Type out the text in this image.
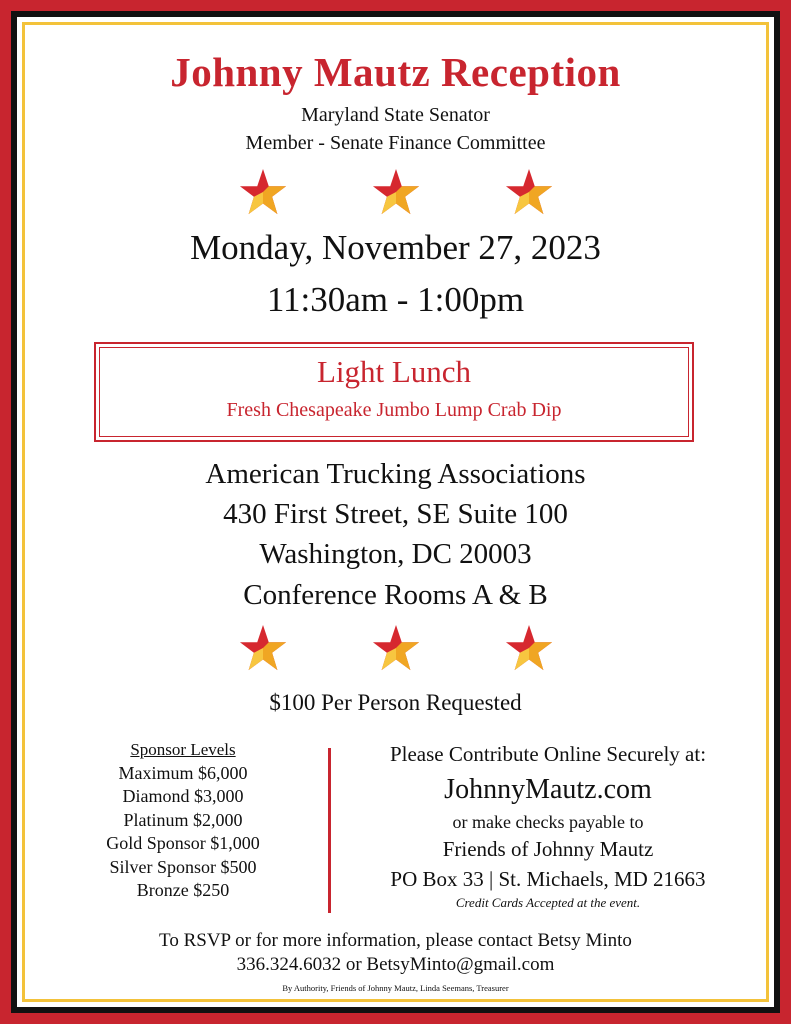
Johnny Mautz Reception
Maryland State Senator
Member - Senate Finance Committee
Monday, November 27, 2023
11:30am - 1:00pm
Light Lunch
Fresh Chesapeake Jumbo Lump Crab Dip
American Trucking Associations
430 First Street, SE Suite 100
Washington, DC 20003
Conference Rooms A & B
$100 Per Person Requested
Sponsor Levels
Maximum $6,000
Diamond $3,000
Platinum $2,000
Gold Sponsor $1,000
Silver Sponsor $500
Bronze $250
Please Contribute Online Securely at:
JohnnyMautz.com
or make checks payable to
Friends of Johnny Mautz
PO Box 33 | St. Michaels, MD 21663
Credit Cards Accepted at the event.
To RSVP or for more information, please contact Betsy Minto
336.324.6032 or BetsyMinto@gmail.com
By Authority, Friends of Johnny Mautz, Linda Seemans, Treasurer
